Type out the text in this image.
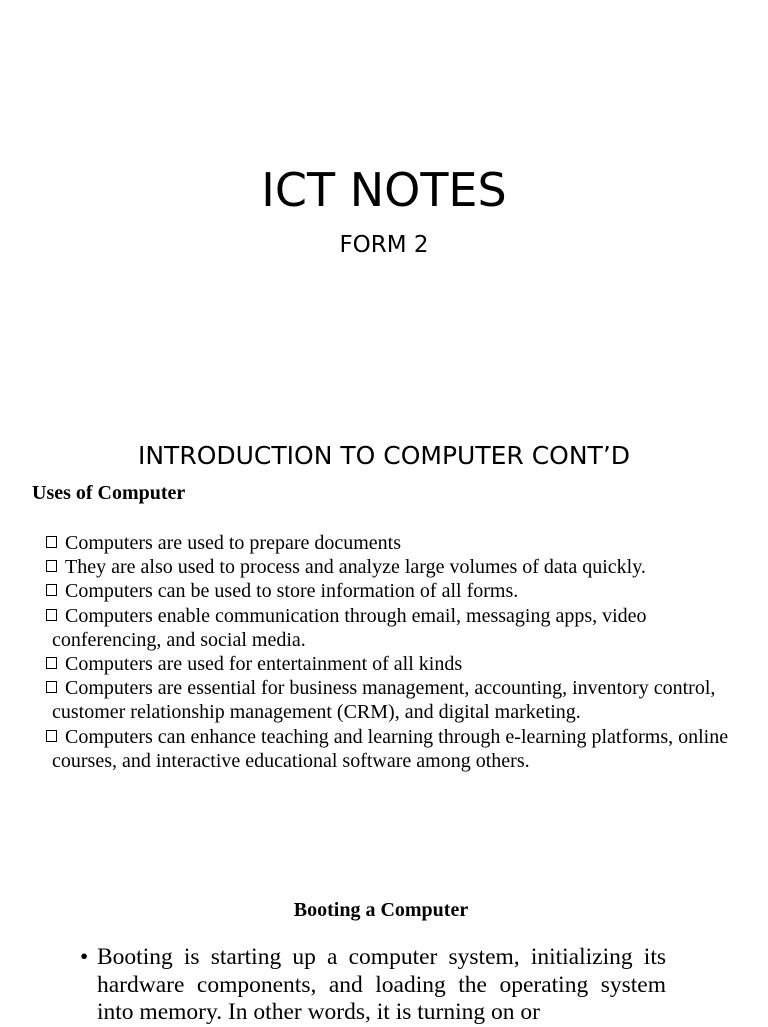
ICT NOTES
FORM 2
INTRODUCTION TO COMPUTER CONT’D
Uses of Computer
Computers are used to prepare documents
They are also used to process and analyze large volumes of data quickly.
Computers can be used to store information of all forms.
Computers enable communication through email, messaging apps, video conferencing, and social media.
Computers are used for entertainment of all kinds
Computers are essential for business management, accounting, inventory control, customer relationship management (CRM), and digital marketing.
Computers can enhance teaching and learning through e-learning platforms, online courses, and interactive educational software among others.
Booting a Computer
• Booting is starting up a computer system, initializing its hardware components, and loading the operating system into memory. In other words, it is turning on or
